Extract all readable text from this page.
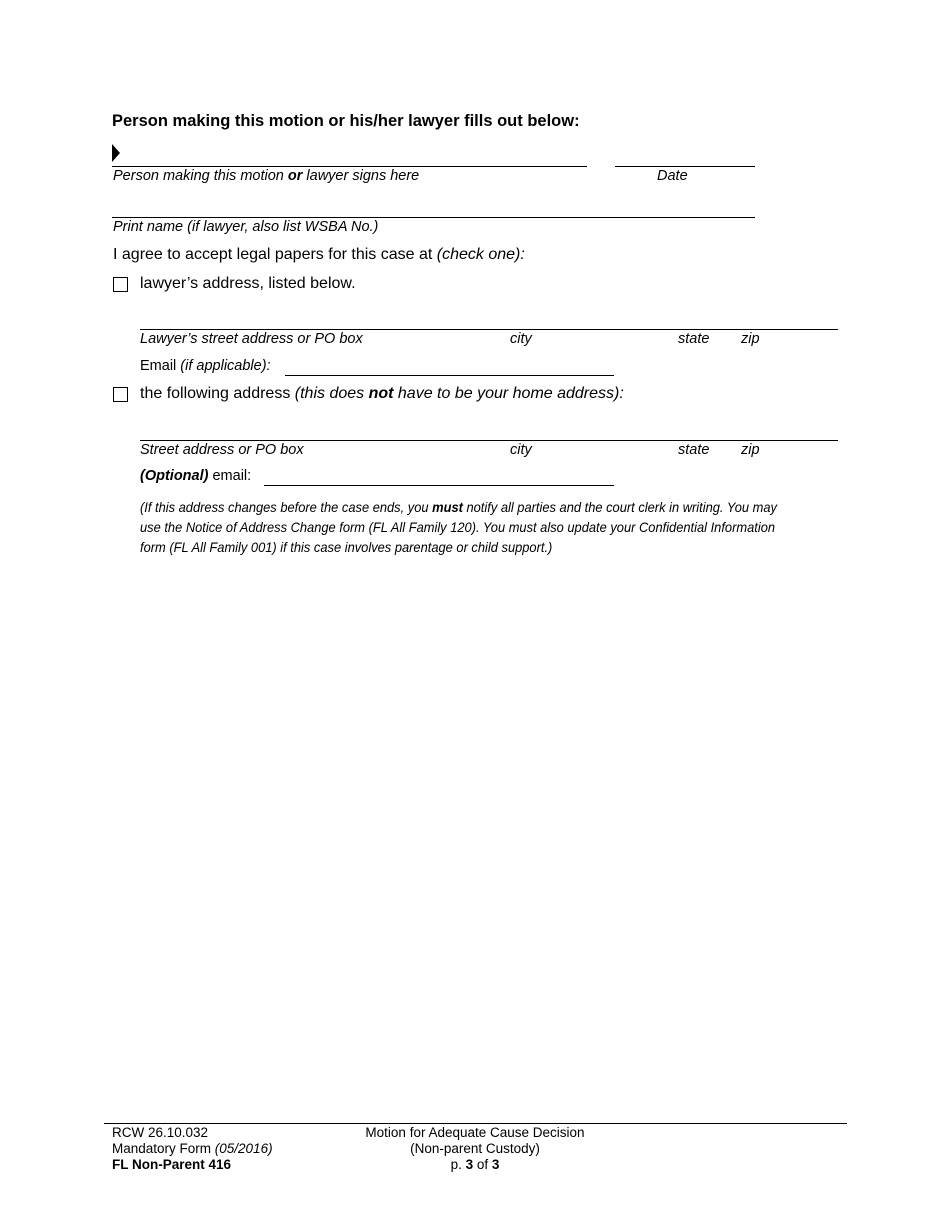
Person making this motion or his/her lawyer fills out below:
Person making this motion or lawyer signs here	Date
Print name (if lawyer, also list WSBA No.)
I agree to accept legal papers for this case at (check one):
lawyer’s address, listed below.
Lawyer’s street address or PO box	city	state zip
Email (if applicable):
the following address (this does not have to be your home address):
Street address or PO box	city	state zip
(Optional) email:
(If this address changes before the case ends, you must notify all parties and the court clerk in writing. You may use the Notice of Address Change form (FL All Family 120). You must also update your Confidential Information form (FL All Family 001) if this case involves parentage or child support.)
RCW 26.10.032
Mandatory Form (05/2016)
FL Non-Parent 416
Motion for Adequate Cause Decision
(Non-parent Custody)
p. 3 of 3
